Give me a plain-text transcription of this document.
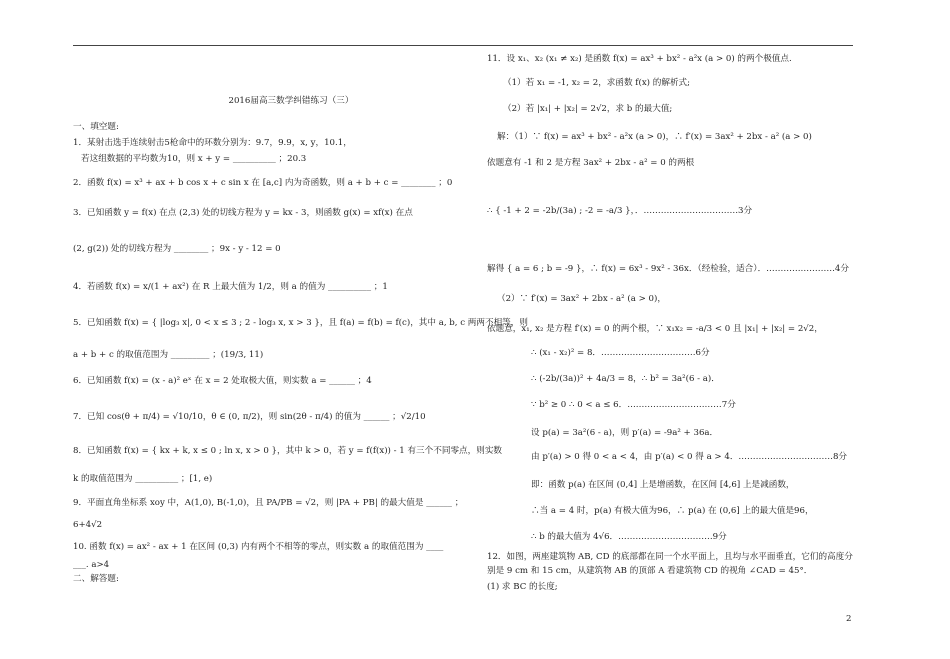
2016届高三数学纠错练习（三）
一、填空题:
1．某射击选手连续射击5枪命中的环数分别为：9.7，9.9，x, y，10.1，
若这组数据的平均数为10，则 x + y = __________ ；20.3
2．函数 f(x) = x³ + ax + b cos x + c sin x 在 [a,c] 内为奇函数，则 a + b + c = ________ ；0
3．已知函数 y = f(x) 在点 (2,3) 处的切线方程为 y = kx - 3，则函数 g(x) = xf(x) 在点
(2, g(2)) 处的切线方程为 ________ ；9x - y - 12 = 0
4．若函数 f(x) = x/(1 + ax²) 在 R 上最大值为 1/2，则 a 的值为 __________ ；1
5．已知函数 f(x) = { |log₃ x|, 0 < x ≤ 3 ; 2 - log₃ x, x > 3 }，且 f(a) = f(b) = f(c)，其中 a, b, c 两两不相等，则
a + b + c 的取值范围为 _________ ；(19/3, 11)
6．已知函数 f(x) = (x - a)² eˣ 在 x = 2 处取极大值，则实数 a = ______ ；4
7．已知 cos(θ + π/4) = √10/10，θ ∈ (0, π/2)，则 sin(2θ - π/4) 的值为 ______ ；√2/10
8．已知函数 f(x) = { kx + k, x ≤ 0 ; ln x, x > 0 }，其中 k > 0，若 y = f(f(x)) - 1 有三个不同零点，则实数
k 的取值范围为 __________ ；[1, e)
9．平面直角坐标系 xoy 中，A(1,0), B(-1,0)，且 PA/PB = √2，则 |PA + PB| 的最大值是 ______ ；
6+4√2
10. 函数 f(x) = ax² - ax + 1 在区间 (0,3) 内有两个不相等的零点，则实数 a 的取值范围为 ____
___. a>4
二、解答题:
11．设 x₁、x₂ (x₁ ≠ x₂) 是函数 f(x) = ax³ + bx² - a²x (a > 0) 的两个极值点.
（1）若 x₁ = -1, x₂ = 2，求函数 f(x) 的解析式;
（2）若 |x₁| + |x₂| = 2√2，求 b 的最大值;
解：（1）∵ f(x) = ax³ + bx² - a²x (a > 0)，∴ f′(x) = 3ax² + 2bx - a² (a > 0)
依题意有 -1 和 2 是方程 3ax² + 2bx - a² = 0 的两根
∴ { -1 + 2 = -2b/(3a) ; -2 = -a/3 }，．……………………………3分
解得 { a = 6 ; b = -9 }，∴ f(x) = 6x³ - 9x² - 36x．（经检验，适合）．……………………4分
（2）∵ f′(x) = 3ax² + 2bx - a² (a > 0)，
依题意，x₁, x₂ 是方程 f′(x) = 0 的两个根，∵ x₁x₂ = -a/3 < 0 且 |x₁| + |x₂| = 2√2，
∴ (x₁ - x₂)² = 8．……………………………6分
∴ (-2b/(3a))² + 4a/3 = 8，∴ b² = 3a²(6 - a)．
∵ b² ≥ 0 ∴ 0 < a ≤ 6．……………………………7分
设 p(a) = 3a²(6 - a)，则 p′(a) = -9a² + 36a．
由 p′(a) > 0 得 0 < a < 4，由 p′(a) < 0 得 a > 4．……………………………8分
即：函数 p(a) 在区间 (0,4] 上是增函数，在区间 [4,6] 上是减函数，
∴当 a = 4 时，p(a) 有极大值为96，∴ p(a) 在 (0,6] 上的最大值是96，
∴ b 的最大值为 4√6．……………………………9分
12．如图，两座建筑物 AB, CD 的底部都在同一个水平面上，且均与水平面垂直，它们的高度分
别是 9 cm 和 15 cm，从建筑物 AB 的顶部 A 看建筑物 CD 的视角 ∠CAD = 45°．
(1) 求 BC 的长度;
2
